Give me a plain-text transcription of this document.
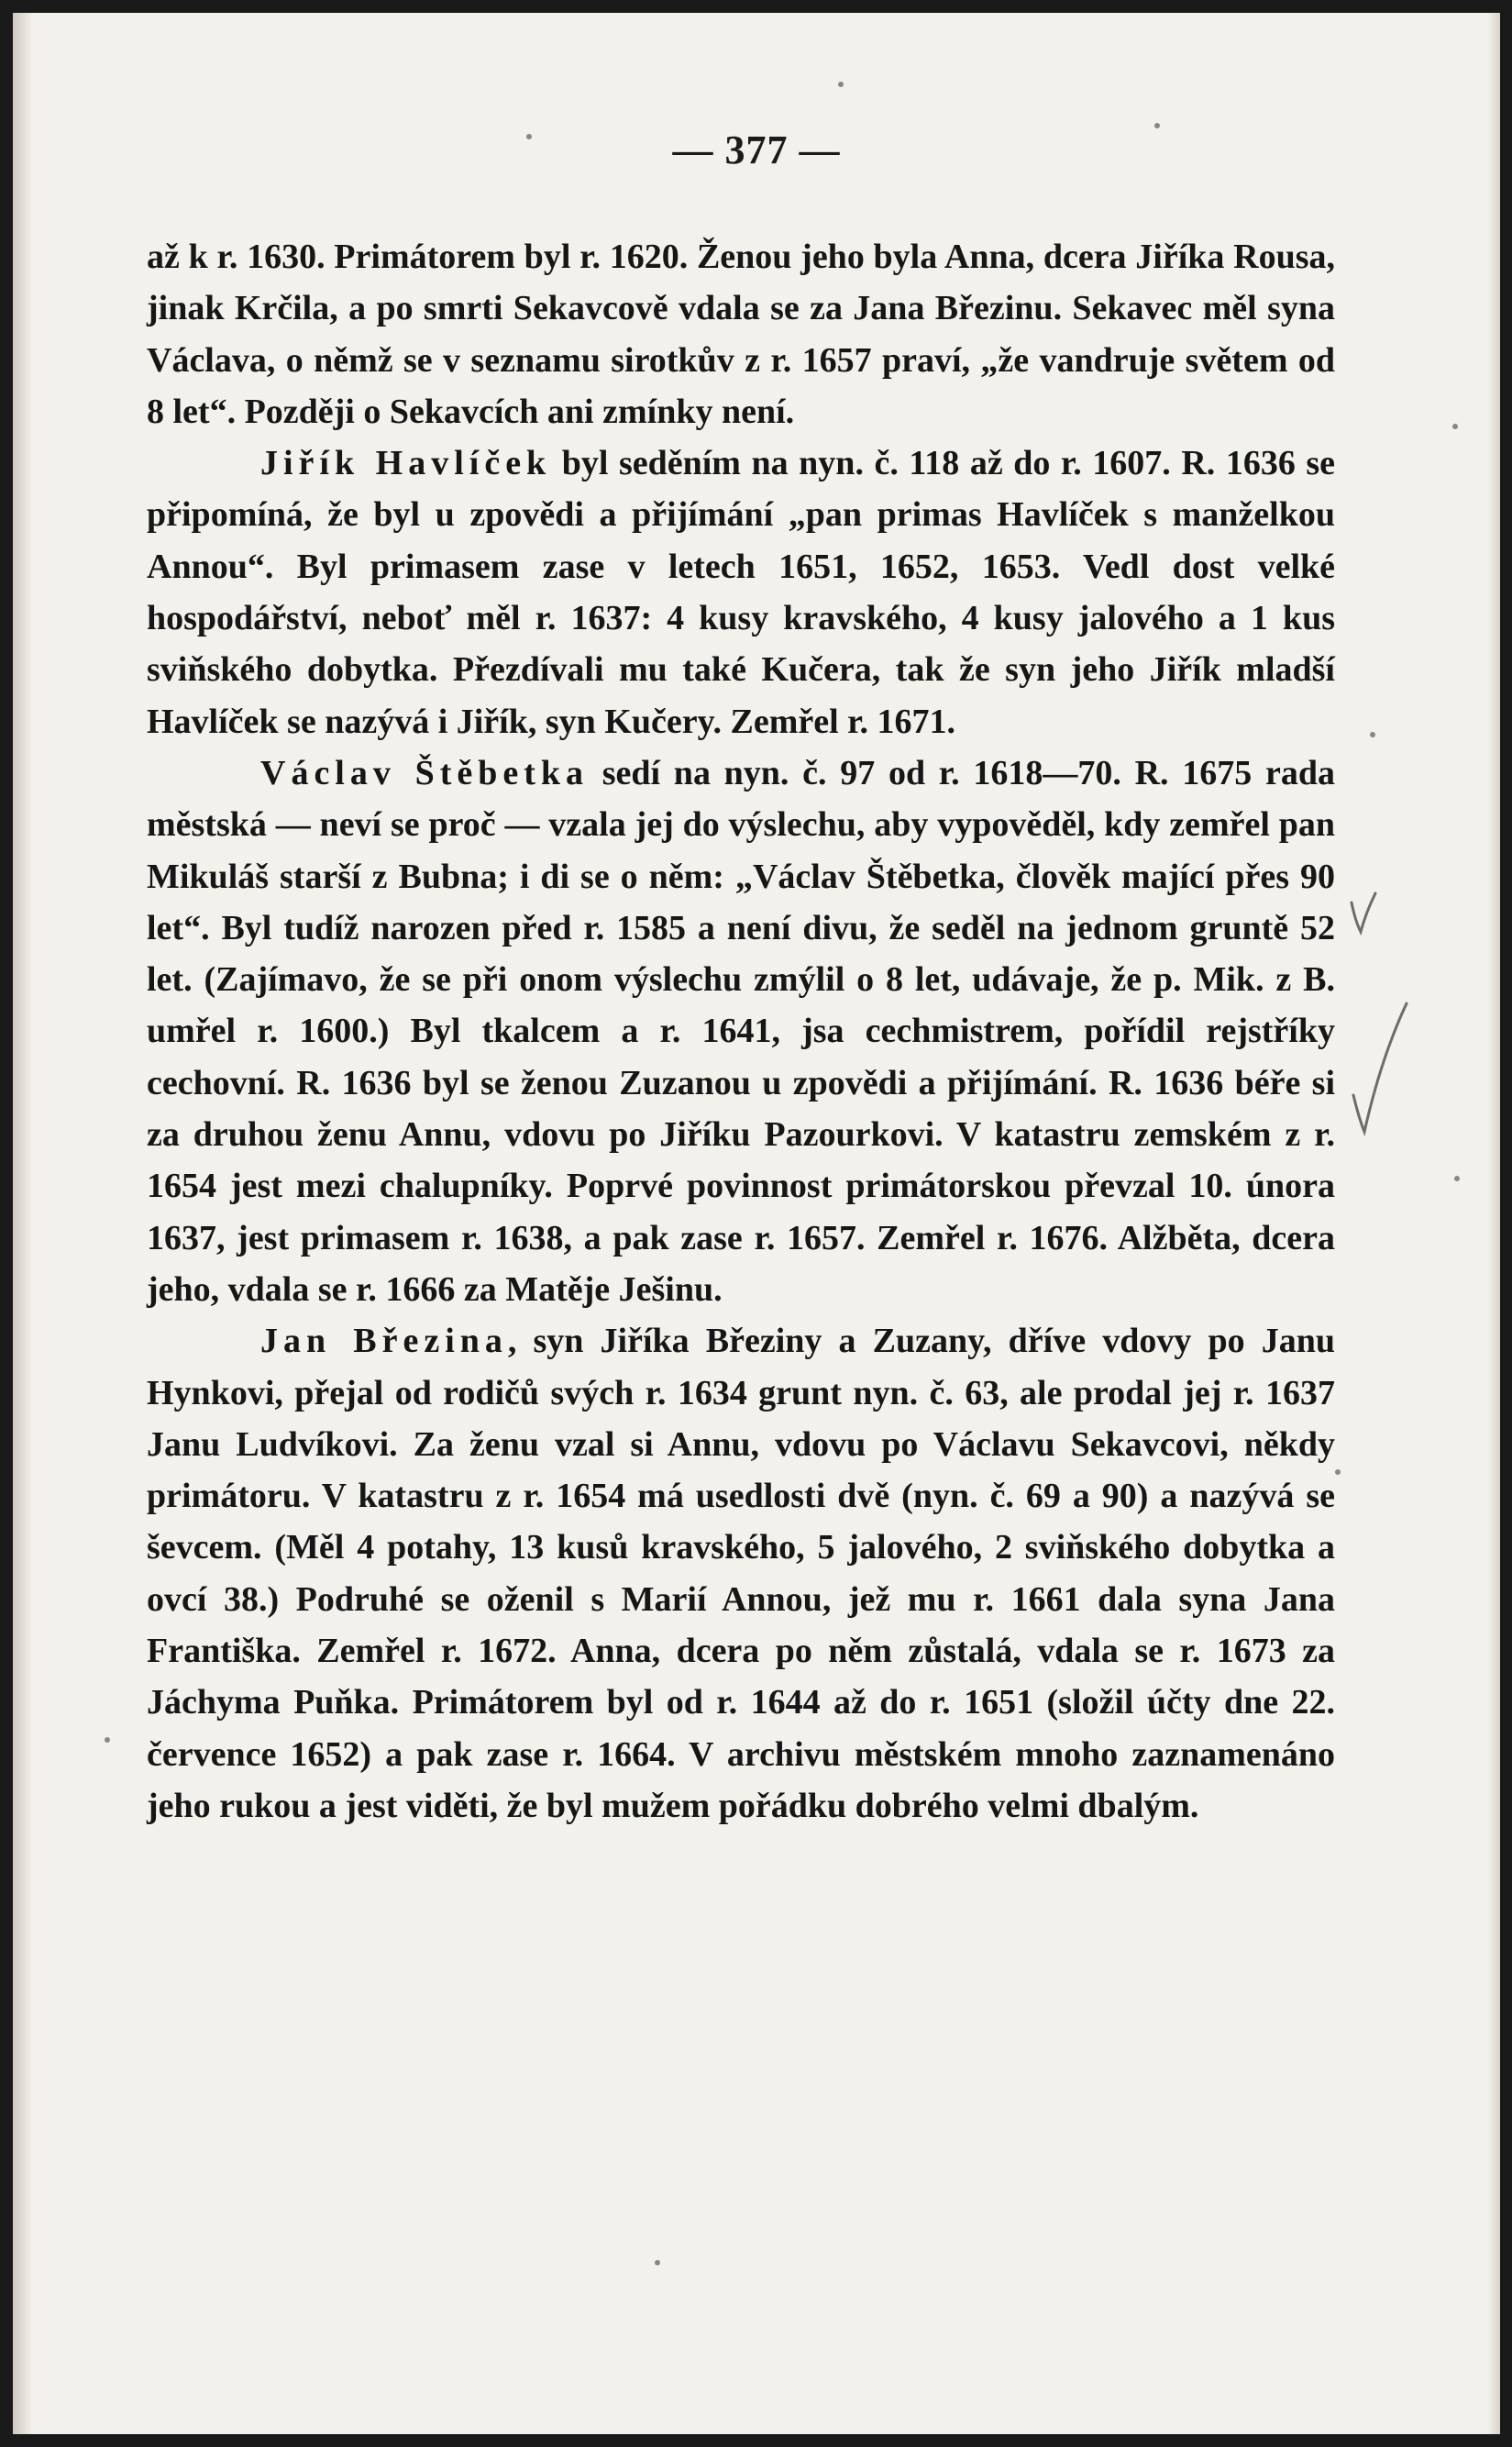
— 377 —

až k r. 1630. Primátorem byl r. 1620. Ženou jeho byla Anna, dcera Jiříka Rousa, jinak Krčila, a po smrti Sekavcově vdala se za Jana Březinu. Sekavec měl syna Václava, o němž se v seznamu sirotkův z r. 1657 praví, „že vandruje světem od 8 let“. Později o Sekavcích ani zmínky není.

Jiřík Havlíček byl seděním na nyn. č. 118 až do r. 1607. R. 1636 se připomíná, že byl u zpovědi a přijímání „pan primas Havlíček s manželkou Annou“. Byl primasem zase v letech 1651, 1652, 1653. Vedl dost velké hospodářství, neboť měl r. 1637: 4 kusy kravského, 4 kusy jalového a 1 kus sviňského dobytka. Přezdívali mu také Kučera, tak že syn jeho Jiřík mladší Havlíček se nazývá i Jiřík, syn Kučery. Zemřel r. 1671.

Václav Štěbetka sedí na nyn. č. 97 od r. 1618—70. R. 1675 rada městská — neví se proč — vzala jej do výslechu, aby vypověděl, kdy zemřel pan Mikuláš starší z Bubna; i di se o něm: „Václav Štěbetka, člověk mající přes 90 let“. Byl tudíž narozen před r. 1585 a není divu, že seděl na jednom gruntě 52 let. (Zajímavo, že se při onom výslechu zmýlil o 8 let, udávaje, že p. Mik. z B. umřel r. 1600.) Byl tkalcem a r. 1641, jsa cechmistrem, pořídil rejstříky cechovní. R. 1636 byl se ženou Zuzanou u zpovědi a přijímání. R. 1636 béře si za druhou ženu Annu, vdovu po Jiříku Pazourkovi. V katastru zemském z r. 1654 jest mezi chalupníky. Poprvé povinnost primátorskou převzal 10. února 1637, jest primasem r. 1638, a pak zase r. 1657. Zemřel r. 1676. Alžběta, dcera jeho, vdala se r. 1666 za Matěje Ješinu.

Jan Březina, syn Jiříka Březiny a Zuzany, dříve vdovy po Janu Hynkovi, přejal od rodičů svých r. 1634 grunt nyn. č. 63, ale prodal jej r. 1637 Janu Ludvíkovi. Za ženu vzal si Annu, vdovu po Václavu Sekavcovi, někdy primátoru. V katastru z r. 1654 má usedlosti dvě (nyn. č. 69 a 90) a nazývá se ševcem. (Měl 4 potahy, 13 kusů kravského, 5 jalového, 2 sviňského dobytka a ovcí 38.) Podruhé se oženil s Marií Annou, jež mu r. 1661 dala syna Jana Františka. Zemřel r. 1672. Anna, dcera po něm zůstalá, vdala se r. 1673 za Jáchyma Puňka. Primátorem byl od r. 1644 až do r. 1651 (složil účty dne 22. července 1652) a pak zase r. 1664. V archivu městském mnoho zaznamenáno jeho rukou a jest viděti, že byl mužem pořádku dobrého velmi dbalým.
